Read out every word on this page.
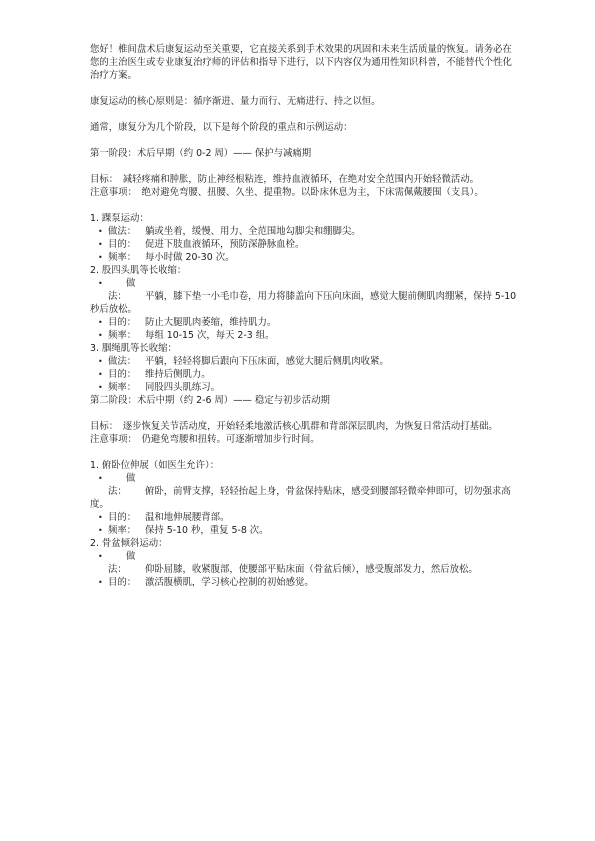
您好！椎间盘术后康复运动至关重要，它直接关系到手术效果的巩固和未来生活质量的恢复。请务必在您的主治医生或专业康复治疗师的评估和指导下进行，以下内容仅为通用性知识科普，不能替代个性化治疗方案。

康复运动的核心原则是：循序渐进、量力而行、无痛进行、持之以恒。

通常，康复分为几个阶段，以下是每个阶段的重点和示例运动：

第一阶段：术后早期（约 0-2 周）—— 保护与减痛期

目标：　减轻疼痛和肿胀，防止神经根粘连，维持血液循环，在绝对安全范围内开始轻微活动。

注意事项：　绝对避免弯腰、扭腰、久坐、提重物。以卧床休息为主，下床需佩戴腰围（支具）。

1. 踝泵运动：

• 做法： 躺或坐着，缓慢、用力、全范围地勾脚尖和绷脚尖。

• 目的： 促进下肢血液循环，预防深静脉血栓。

• 频率： 每小时做 20-30 次。

2. 股四头肌等长收缩：

• 做法： 平躺，膝下垫一小毛巾卷，用力将膝盖向下压向床面，感觉大腿前侧肌肉绷紧，保持 5-10 秒后放松。

• 目的： 防止大腿肌肉萎缩，维持肌力。

• 频率： 每组 10-15 次，每天 2-3 组。

3. 腘绳肌等长收缩：

• 做法： 平躺，轻轻将脚后跟向下压床面，感觉大腿后侧肌肉收紧。

• 目的： 维持后侧肌力。

• 频率： 同股四头肌练习。

第二阶段：术后中期（约 2-6 周）—— 稳定与初步活动期

目标：　逐步恢复关节活动度，开始轻柔地激活核心肌群和背部深层肌肉，为恢复日常活动打基础。

注意事项：　仍避免弯腰和扭转。可逐渐增加步行时间。

1. 俯卧位伸展（如医生允许）：

• 做法： 俯卧，前臂支撑，轻轻抬起上身，骨盆保持贴床，感受到腰部轻微牵伸即可，切勿强求高度。

• 目的： 温和地伸展腰背部。

• 频率： 保持 5-10 秒，重复 5-8 次。

2. 骨盆倾斜运动：

• 做法： 仰卧屈膝，收紧腹部，使腰部平贴床面（骨盆后倾），感受腹部发力，然后放松。

• 目的： 激活腹横肌，学习核心控制的初始感觉。
